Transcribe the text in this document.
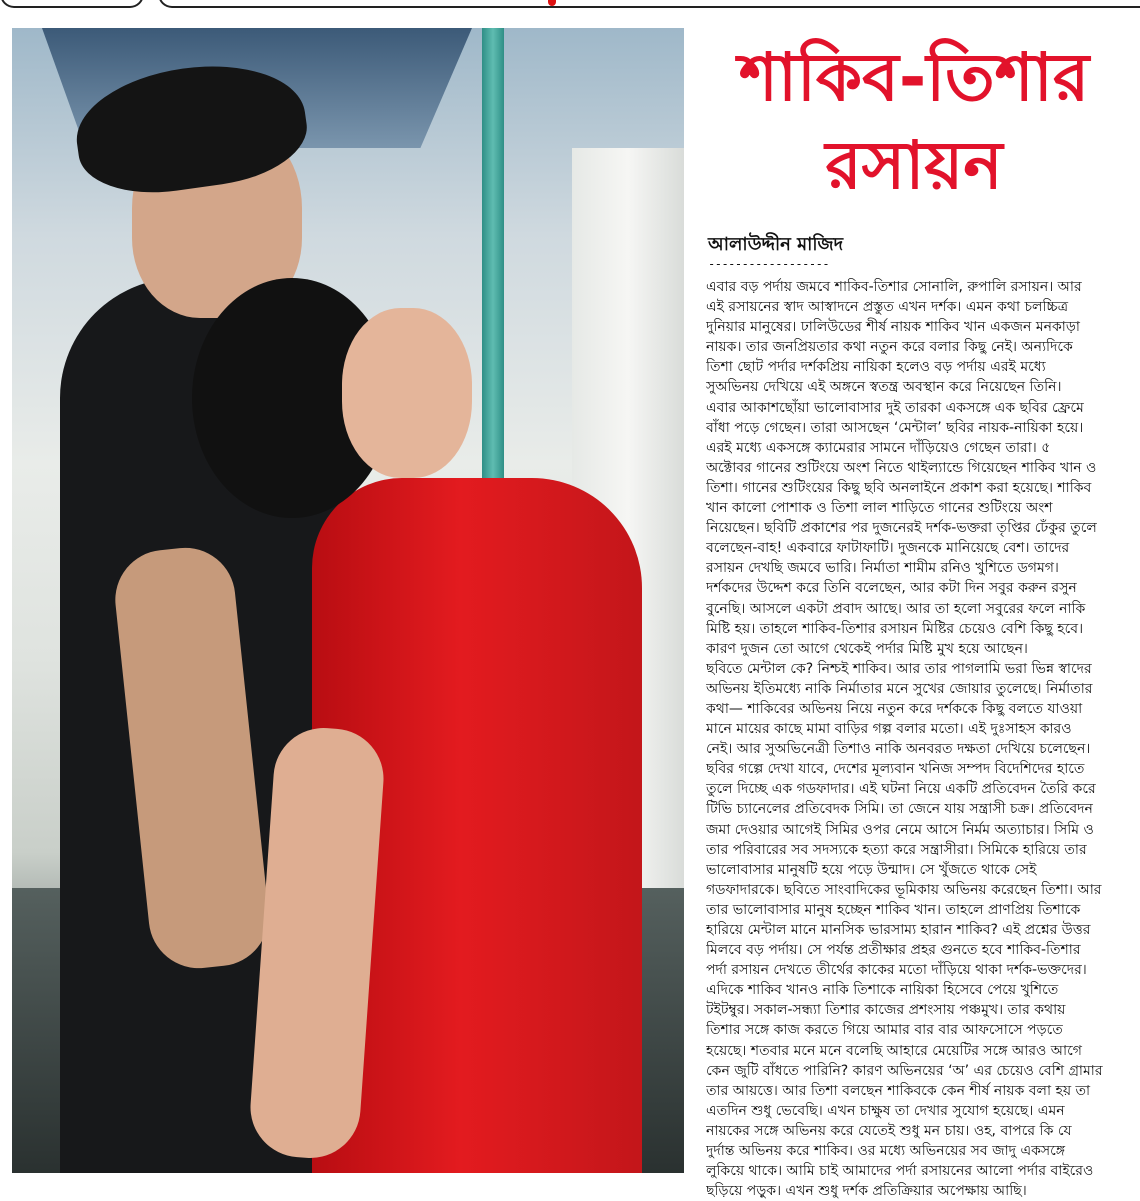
শাকিব-তিশার
রসায়ন
আলাউদ্দীন মাজিদ
------------------
এবার বড় পর্দায় জমবে শাকিব-তিশার সোনালি, রুপালি রসায়ন। আর
এই রসায়নের স্বাদ আস্বাদনে প্রস্তুত এখন দর্শক। এমন কথা চলচ্চিত্র
দুনিয়ার মানুষের। ঢালিউডের শীর্ষ নায়ক শাকিব খান একজন মনকাড়া
নায়ক। তার জনপ্রিয়তার কথা নতুন করে বলার কিছু নেই। অন্যদিকে
তিশা ছোট পর্দার দর্শকপ্রিয় নায়িকা হলেও বড় পর্দায় এরই মধ্যে
সুঅভিনয় দেখিয়ে এই অঙ্গনে স্বতন্ত্র অবস্থান করে নিয়েছেন তিনি।
এবার আকাশছোঁয়া ভালোবাসার দুই তারকা একসঙ্গে এক ছবির ফ্রেমে
বাঁধা পড়ে গেছেন। তারা আসছেন ‘মেন্টাল’ ছবির নায়ক-নায়িকা হয়ে।
এরই মধ্যে একসঙ্গে ক্যামেরার সামনে দাঁড়িয়েও গেছেন তারা। ৫
অক্টোবর গানের শুটিংয়ে অংশ নিতে থাইল্যান্ডে গিয়েছেন শাকিব খান ও
তিশা। গানের শুটিংয়ের কিছু ছবি অনলাইনে প্রকাশ করা হয়েছে। শাকিব
খান কালো পোশাক ও তিশা লাল শাড়িতে গানের শুটিংয়ে অংশ
নিয়েছেন। ছবিটি প্রকাশের পর দুজনেরই দর্শক-ভক্তরা তৃপ্তির ঢেঁকুর তুলে
বলেছেন-বাহ! একবারে ফাটাফাটি। দুজনকে মানিয়েছে বেশ। তাদের
রসায়ন দেখছি জমবে ভারি। নির্মাতা শামীম রনিও খুশিতে ডগমগ।
দর্শকদের উদ্দেশ করে তিনি বলেছেন, আর কটা দিন সবুর করুন রসুন
বুনেছি। আসলে একটা প্রবাদ আছে। আর তা হলো সবুরের ফলে নাকি
মিষ্টি হয়। তাহলে শাকিব-তিশার রসায়ন মিষ্টির চেয়েও বেশি কিছু হবে।
কারণ দুজন তো আগে থেকেই পর্দার মিষ্টি মুখ হয়ে আছেন।
ছবিতে মেন্টাল কে? নিশ্চই শাকিব। আর তার পাগলামি ভরা ভিন্ন স্বাদের
অভিনয় ইতিমধ্যে নাকি নির্মাতার মনে সুখের জোয়ার তুলেছে। নির্মাতার
কথা— শাকিবের অভিনয় নিয়ে নতুন করে দর্শককে কিছু বলতে যাওয়া
মানে মায়ের কাছে মামা বাড়ির গল্প বলার মতো। এই দুঃসাহস কারও
নেই। আর সুঅভিনেত্রী তিশাও নাকি অনবরত দক্ষতা দেখিয়ে চলেছেন।
ছবির গল্পে দেখা যাবে, দেশের মূল্যবান খনিজ সম্পদ বিদেশিদের হাতে
তুলে দিচ্ছে এক গডফাদার। এই ঘটনা নিয়ে একটি প্রতিবেদন তৈরি করে
টিভি চ্যানেলের প্রতিবেদক সিমি। তা জেনে যায় সন্ত্রাসী চক্র। প্রতিবেদন
জমা দেওয়ার আগেই সিমির ওপর নেমে আসে নির্মম অত্যাচার। সিমি ও
তার পরিবারের সব সদস্যকে হত্যা করে সন্ত্রাসীরা। সিমিকে হারিয়ে তার
ভালোবাসার মানুষটি হয়ে পড়ে উন্মাদ। সে খুঁজতে থাকে সেই
গডফাদারকে। ছবিতে সাংবাদিকের ভূমিকায় অভিনয় করেছেন তিশা। আর
তার ভালোবাসার মানুষ হচ্ছেন শাকিব খান। তাহলে প্রাণপ্রিয় তিশাকে
হারিয়ে মেন্টাল মানে মানসিক ভারসাম্য হারান শাকিব? এই প্রশ্নের উত্তর
মিলবে বড় পর্দায়। সে পর্যন্ত প্রতীক্ষার প্রহর গুনতে হবে শাকিব-তিশার
পর্দা রসায়ন দেখতে তীর্থের কাকের মতো দাঁড়িয়ে থাকা দর্শক-ভক্তদের।
এদিকে শাকিব খানও নাকি তিশাকে নায়িকা হিসেবে পেয়ে খুশিতে
টইটম্বুর। সকাল-সন্ধ্যা তিশার কাজের প্রশংসায় পঞ্চমুখ। তার কথায়
তিশার সঙ্গে কাজ করতে গিয়ে আমার বার বার আফসোসে পড়তে
হয়েছে। শতবার মনে মনে বলেছি আহারে মেয়েটির সঙ্গে আরও আগে
কেন জুটি বাঁধতে পারিনি? কারণ অভিনয়ের ‘অ’ এর চেয়েও বেশি গ্রামার
তার আয়ত্তে। আর তিশা বলছেন শাকিবকে কেন শীর্ষ নায়ক বলা হয় তা
এতদিন শুধু ভেবেছি। এখন চাক্ষুষ তা দেখার সুযোগ হয়েছে। এমন
নায়কের সঙ্গে অভিনয় করে যেতেই শুধু মন চায়। ওহ, বাপরে কি যে
দুর্দান্ত অভিনয় করে শাকিব। ওর মধ্যে অভিনয়ের সব জাদু একসঙ্গে
লুকিয়ে থাকে। আমি চাই আমাদের পর্দা রসায়নের আলো পর্দার বাইরেও
ছড়িয়ে পড়ুক। এখন শুধু দর্শক প্রতিক্রিয়ার অপেক্ষায় আছি।
